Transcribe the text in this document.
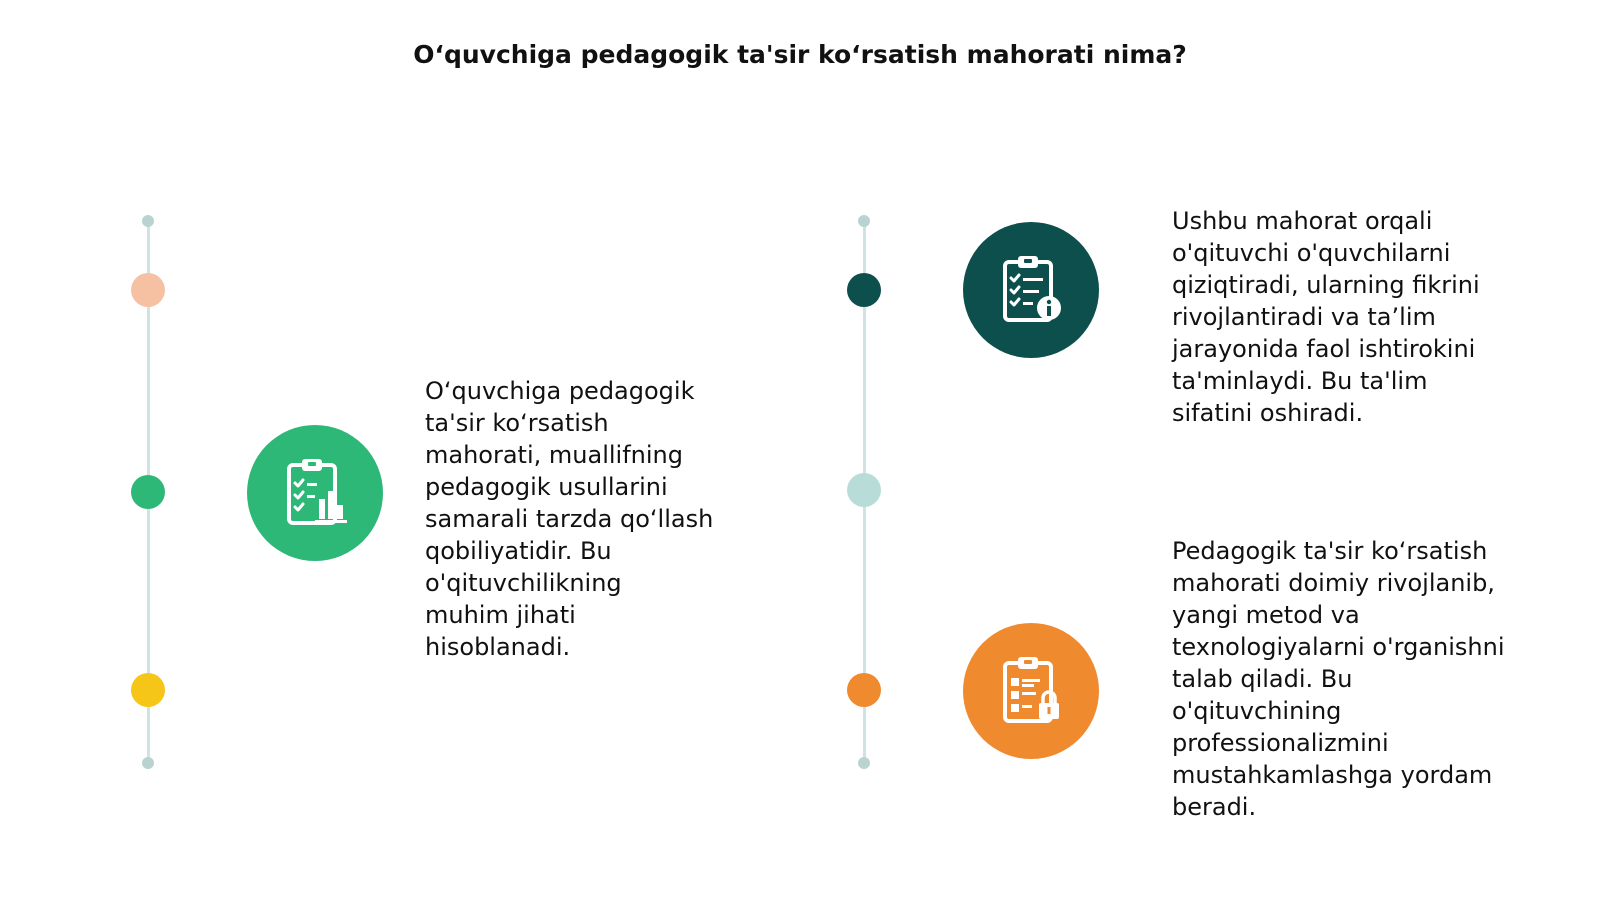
O‘quvchiga pedagogik ta'sir ko‘rsatish mahorati nima?
O‘quvchiga pedagogik
ta'sir ko‘rsatish
mahorati, muallifning
pedagogik usullarini
samarali tarzda qo‘llash
qobiliyatidir. Bu
o'qituvchilikning
muhim jihati
hisoblanadi.
Ushbu mahorat orqali
o'qituvchi o'quvchilarni
qiziqtiradi, ularning fikrini
rivojlantiradi va ta’lim
jarayonida faol ishtirokini
ta'minlaydi. Bu ta'lim
sifatini oshiradi.
Pedagogik ta'sir ko‘rsatish
mahorati doimiy rivojlanib,
yangi metod va
texnologiyalarni o'rganishni
talab qiladi. Bu
o'qituvchining
professionalizmini
mustahkamlashga yordam
beradi.
